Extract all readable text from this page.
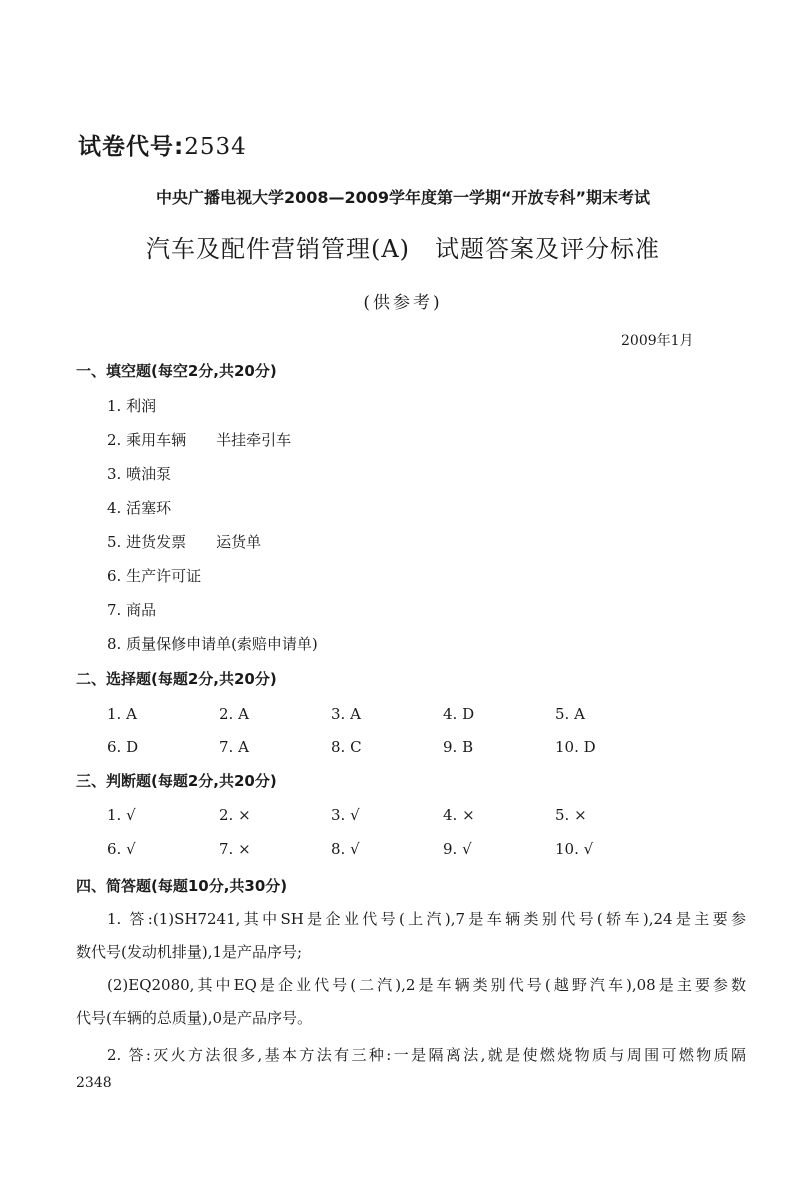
试卷代号:2534
中央广播电视大学2008—2009学年度第一学期“开放专科”期末考试
汽车及配件营销管理(A)　试题答案及评分标准
(供参考)
2009年1月
一、填空题(每空2分,共20分)
1. 利润
2. 乘用车辆　　半挂牵引车
3. 喷油泵
4. 活塞环
5. 进货发票　　运货单
6. 生产许可证
7. 商品
8. 质量保修申请单(索赔申请单)
二、选择题(每题2分,共20分)
1. A	2. A	3. A	4. D	5. A
6. D	7. A	8. C	9. B	10. D
三、判断题(每题2分,共20分)
1. √	2. ×	3. √	4. ×	5. ×
6. √	7. ×	8. √	9. √	10. √
四、简答题(每题10分,共30分)
1. 答:(1)SH7241,其中SH是企业代号(上汽),7是车辆类别代号(轿车),24是主要参
数代号(发动机排量),1是产品序号;
(2)EQ2080,其中EQ是企业代号(二汽),2是车辆类别代号(越野汽车),08是主要参数
代号(车辆的总质量),0是产品序号。
2. 答:灭火方法很多,基本方法有三种:一是隔离法,就是使燃烧物质与周围可燃物质隔
2348
